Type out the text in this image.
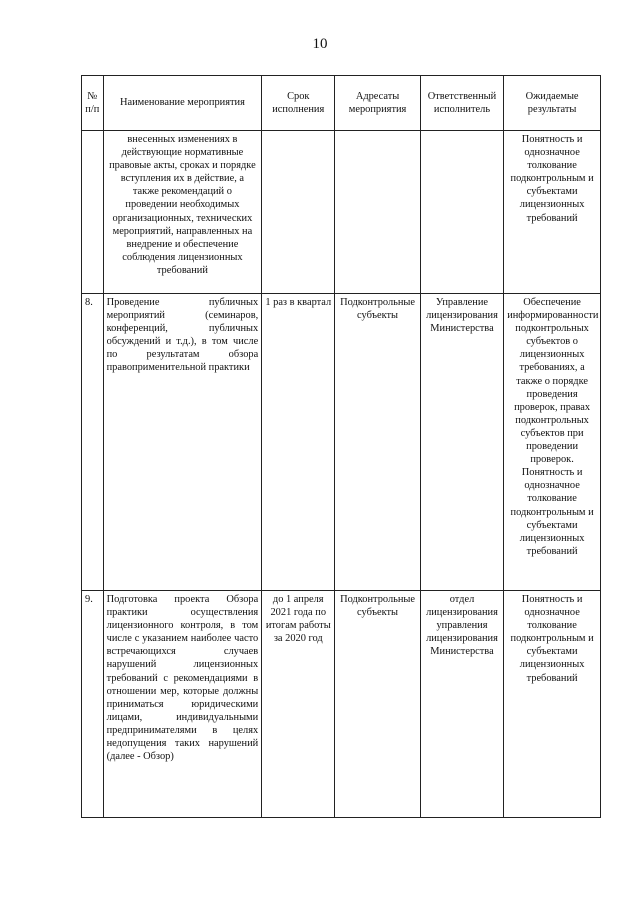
10
№ п/п	Наименование мероприятия	Срок исполнения	Адресаты мероприятия	Ответственный исполнитель	Ожидаемые результаты
	внесенных изменениях в действующие нормативные правовые акты, сроках и порядке вступления их в действие, а также рекомендаций о проведении необходимых организационных, технических мероприятий, направленных на внедрение и обеспечение соблюдения лицензионных требований				Понятность и однозначное толкование подконтрольным и субъектами лицензионных требований
8.	Проведение публичных мероприятий (семинаров, конференций, публичных обсуждений и т.д.), в том числе по результатам обзора правоприменительной практики	1 раз в квартал	Подконтрольные субъекты	Управление лицензирования Министерства	Обеспечение информированности подконтрольных субъектов о лицензионных требованиях, а также о порядке проведения проверок, правах подконтрольных субъектов при проведении проверок. Понятность и однозначное толкование подконтрольным и субъектами лицензионных требований
9.	Подготовка проекта Обзора практики осуществления лицензионного контроля, в том числе с указанием наиболее часто встречающихся случаев нарушений лицензионных требований с рекомендациями в отношении мер, которые должны приниматься юридическими лицами, индивидуальными предпринимателями в целях недопущения таких нарушений (далее - Обзор)	до 1 апреля 2021 года по итогам работы за 2020 год	Подконтрольные субъекты	отдел лицензирования управления лицензирования Министерства	Понятность и однозначное толкование подконтрольным и субъектами лицензионных требований
